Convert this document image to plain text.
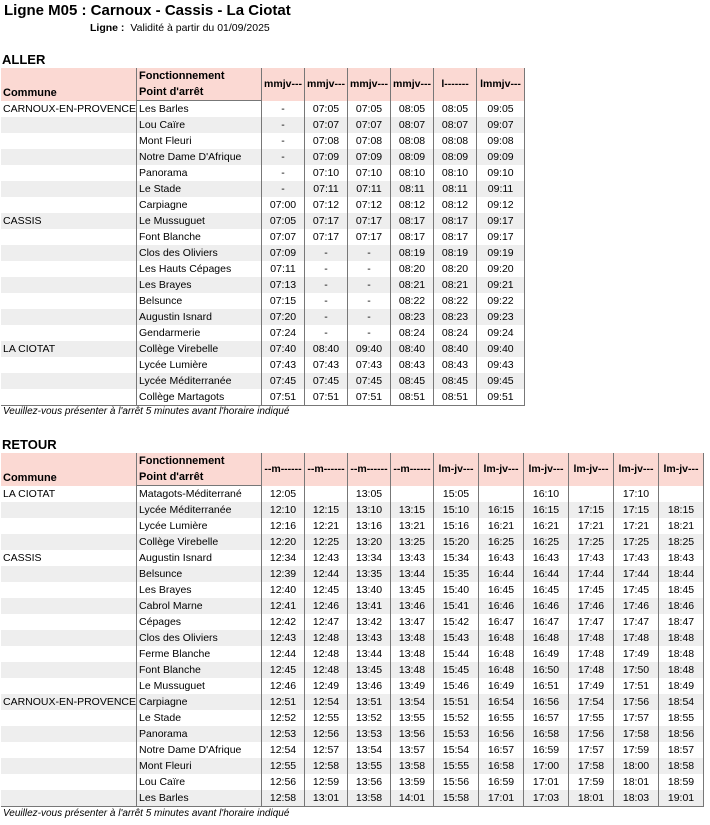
Ligne M05 : Carnoux - Cassis - La Ciotat
Ligne : Validité à partir du 01/09/2025
ALLER
Commune	Fonctionnement	mmjv---	mmjv---	mmjv---	mmjv---	l-------	lmmjv---
	Point d'arrêt						
CARNOUX-EN-PROVENCE	Les Barles	-	07:05	07:05	08:05	08:05	09:05
	Lou Caïre	-	07:07	07:07	08:07	08:07	09:07
	Mont Fleuri	-	07:08	07:08	08:08	08:08	09:08
	Notre Dame D'Afrique	-	07:09	07:09	08:09	08:09	09:09
	Panorama	-	07:10	07:10	08:10	08:10	09:10
	Le Stade	-	07:11	07:11	08:11	08:11	09:11
	Carpiagne	07:00	07:12	07:12	08:12	08:12	09:12
CASSIS	Le Mussuguet	07:05	07:17	07:17	08:17	08:17	09:17
	Font Blanche	07:07	07:17	07:17	08:17	08:17	09:17
	Clos des Oliviers	07:09	-	-	08:19	08:19	09:19
	Les Hauts Cépages	07:11	-	-	08:20	08:20	09:20
	Les Brayes	07:13	-	-	08:21	08:21	09:21
	Belsunce	07:15	-	-	08:22	08:22	09:22
	Augustin Isnard	07:20	-	-	08:23	08:23	09:23
	Gendarmerie	07:24	-	-	08:24	08:24	09:24
LA CIOTAT	Collège Virebelle	07:40	08:40	09:40	08:40	08:40	09:40
	Lycée Lumière	07:43	07:43	07:43	08:43	08:43	09:43
	Lycée Méditerranée	07:45	07:45	07:45	08:45	08:45	09:45
	Collège Martagots	07:51	07:51	07:51	08:51	08:51	09:51
Veuillez-vous présenter à l'arrêt 5 minutes avant l'horaire indiqué
RETOUR
Commune	Fonctionnement	--m------	--m------	--m------	--m------	lm-jv---	lm-jv---	lm-jv---	lm-jv---	lm-jv---	lm-jv---
	Point d'arrêt										
LA CIOTAT	Matagots-Méditerrané	12:05		13:05		15:05		16:10		17:10	
	Lycée Méditerranée	12:10	12:15	13:10	13:15	15:10	16:15	16:15	17:15	17:15	18:15
	Lycée Lumière	12:16	12:21	13:16	13:21	15:16	16:21	16:21	17:21	17:21	18:21
	Collège Virebelle	12:20	12:25	13:20	13:25	15:20	16:25	16:25	17:25	17:25	18:25
CASSIS	Augustin Isnard	12:34	12:43	13:34	13:43	15:34	16:43	16:43	17:43	17:43	18:43
	Belsunce	12:39	12:44	13:35	13:44	15:35	16:44	16:44	17:44	17:44	18:44
	Les Brayes	12:40	12:45	13:40	13:45	15:40	16:45	16:45	17:45	17:45	18:45
	Cabrol Marne	12:41	12:46	13:41	13:46	15:41	16:46	16:46	17:46	17:46	18:46
	Cépages	12:42	12:47	13:42	13:47	15:42	16:47	16:47	17:47	17:47	18:47
	Clos des Oliviers	12:43	12:48	13:43	13:48	15:43	16:48	16:48	17:48	17:48	18:48
	Ferme Blanche	12:44	12:48	13:44	13:48	15:44	16:48	16:49	17:48	17:49	18:48
	Font Blanche	12:45	12:48	13:45	13:48	15:45	16:48	16:50	17:48	17:50	18:48
	Le Mussuguet	12:46	12:49	13:46	13:49	15:46	16:49	16:51	17:49	17:51	18:49
CARNOUX-EN-PROVENCE	Carpiagne	12:51	12:54	13:51	13:54	15:51	16:54	16:56	17:54	17:56	18:54
	Le Stade	12:52	12:55	13:52	13:55	15:52	16:55	16:57	17:55	17:57	18:55
	Panorama	12:53	12:56	13:53	13:56	15:53	16:56	16:58	17:56	17:58	18:56
	Notre Dame D'Afrique	12:54	12:57	13:54	13:57	15:54	16:57	16:59	17:57	17:59	18:57
	Mont Fleuri	12:55	12:58	13:55	13:58	15:55	16:58	17:00	17:58	18:00	18:58
	Lou Caïre	12:56	12:59	13:56	13:59	15:56	16:59	17:01	17:59	18:01	18:59
	Les Barles	12:58	13:01	13:58	14:01	15:58	17:01	17:03	18:01	18:03	19:01
Veuillez-vous présenter à l'arrêt 5 minutes avant l'horaire indiqué
